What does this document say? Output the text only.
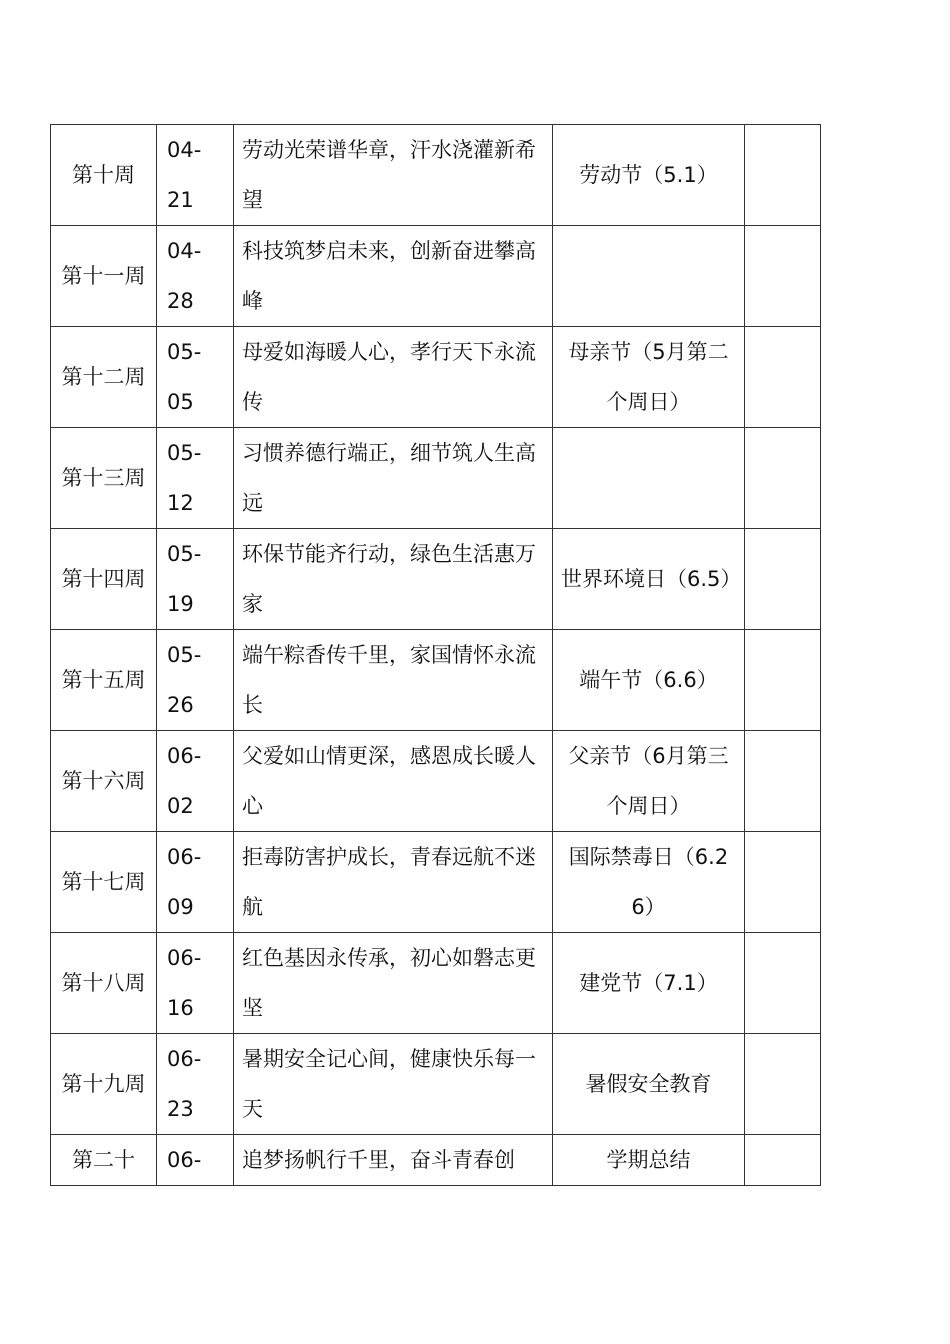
第十周	04-21	劳动光荣谱华章，汗水浇灌新希望	劳动节（5.1）	

第十一周	04-28	科技筑梦启未来，创新奋进攀高峰		

第十二周	05-05	母爱如海暖人心，孝行天下永流传	母亲节（5月第二个周日）	

第十三周	05-12	习惯养德行端正，细节筑人生高远		

第十四周	05-19	环保节能齐行动，绿色生活惠万家	世界环境日（6.5）	

第十五周	05-26	端午粽香传千里，家国情怀永流长	端午节（6.6）	

第十六周	06-02	父爱如山情更深，感恩成长暖人心	父亲节（6月第三个周日）	

第十七周	06-09	拒毒防害护成长，青春远航不迷航	国际禁毒日（6.26）	

第十八周	06-16	红色基因永传承，初心如磐志更坚	建党节（7.1）	

第十九周	06-23	暑期安全记心间，健康快乐每一天	暑假安全教育	

第二十	06-	追梦扬帆行千里，奋斗青春创	学期总结	
